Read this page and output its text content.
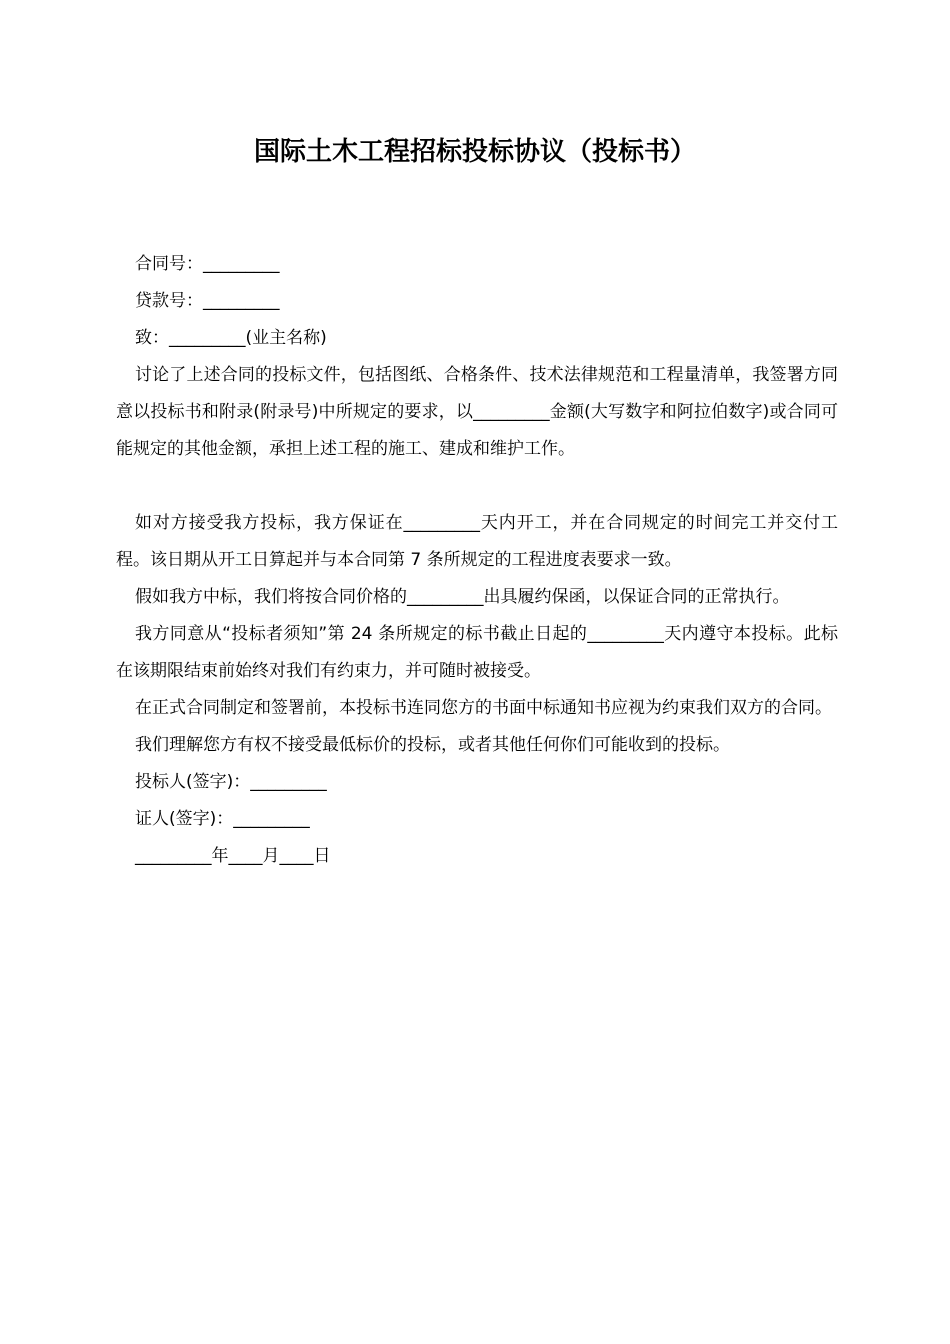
国际土木工程招标投标协议（投标书）

合同号：_________

贷款号：_________

致：_________(业主名称)

讨论了上述合同的投标文件，包括图纸、合格条件、技术法律规范和工程量清单，我签署方同意以投标书和附录(附录号)中所规定的要求，以_________金额(大写数字和阿拉伯数字)或合同可能规定的其他金额，承担上述工程的施工、建成和维护工作。

如对方接受我方投标，我方保证在_________天内开工，并在合同规定的时间完工并交付工程。该日期从开工日算起并与本合同第 7 条所规定的工程进度表要求一致。

假如我方中标，我们将按合同价格的_________出具履约保函，以保证合同的正常执行。

我方同意从“投标者须知”第 24 条所规定的标书截止日起的_________天内遵守本投标。此标在该期限结束前始终对我们有约束力，并可随时被接受。

在正式合同制定和签署前，本投标书连同您方的书面中标通知书应视为约束我们双方的合同。

我们理解您方有权不接受最低标价的投标，或者其他任何你们可能收到的投标。

投标人(签字)：_________

证人(签字)：_________

_________年____月____日
